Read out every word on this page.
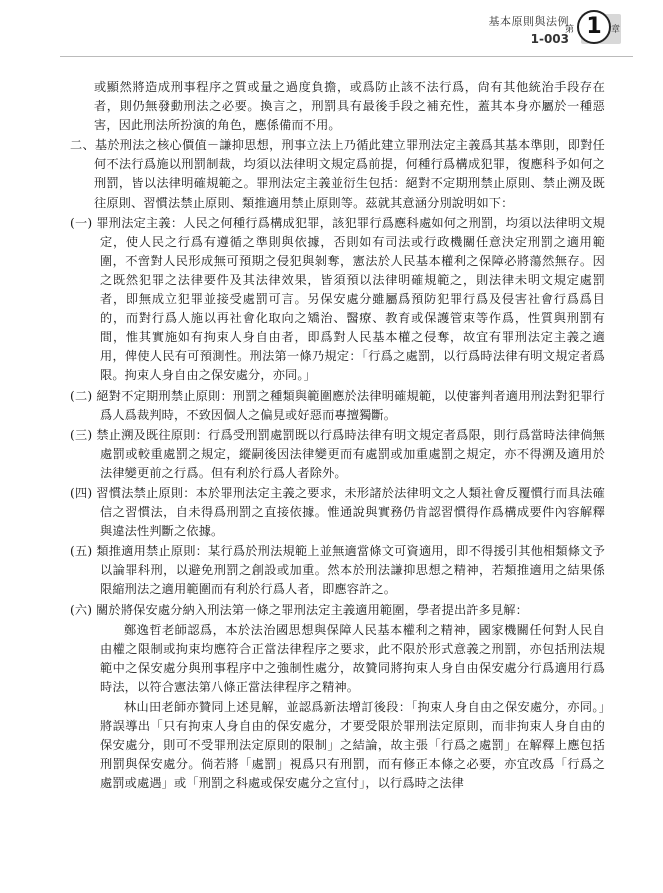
基本原則與法例
1-003
第 1	章

或顯然將造成刑事程序之質或量之過度負擔，或爲防止該不法行爲，尙有其他統治手段存在者，則仍無發動刑法之必要。換言之，刑罰具有最後手段之補充性，蓋其本身亦屬於一種惡害，因此刑法所扮演的角色，應係備而不用。

二、基於刑法之核心價值－謙抑思想，刑事立法上乃循此建立罪刑法定主義爲其基本準則，即對任何不法行爲施以刑罰制裁，均須以法律明文規定爲前提，何種行爲構成犯罪，復應科予如何之刑罰，皆以法律明確規範之。罪刑法定主義並衍生包括：絕對不定期刑禁止原則、禁止溯及既往原則、習慣法禁止原則、類推適用禁止原則等。茲就其意涵分別說明如下：

(一) 罪刑法定主義：人民之何種行爲構成犯罪，該犯罪行爲應科處如何之刑罰，均須以法律明文規定，使人民之行爲有遵循之準則與依據，否則如有司法或行政機關任意決定刑罰之適用範圍，不啻對人民形成無可預期之侵犯與剝奪，憲法於人民基本權利之保障必將蕩然無存。因之既然犯罪之法律要件及其法律效果，皆須預以法律明確規範之，則法律未明文規定處罰者，即無成立犯罪並接受處罰可言。另保安處分雖屬爲預防犯罪行爲及侵害社會行爲爲目的，而對行爲人施以再社會化取向之矯治、醫療、教育或保護管束等作爲，性質與刑罰有間，惟其實施如有拘束人身自由者，即爲對人民基本權之侵奪，故宜有罪刑法定主義之適用，俾使人民有可預測性。刑法第一條乃規定：「行爲之處罰，以行爲時法律有明文規定者爲限。拘束人身自由之保安處分，亦同。」

(二) 絕對不定期刑禁止原則：刑罰之種類與範圍應於法律明確規範，以使審判者適用刑法對犯罪行爲人爲裁判時，不致因個人之偏見或好惡而專擅獨斷。

(三) 禁止溯及既往原則：行爲受刑罰處罰既以行爲時法律有明文規定者爲限，則行爲當時法律倘無處罰或較重處罰之規定，縱嗣後因法律變更而有處罰或加重處罰之規定，亦不得溯及適用於法律變更前之行爲。但有利於行爲人者除外。

(四) 習慣法禁止原則：本於罪刑法定主義之要求，未形諸於法律明文之人類社會反覆慣行而具法確信之習慣法，自未得爲刑罰之直接依據。惟通說與實務仍肯認習慣得作爲構成要件內容解釋與違法性判斷之依據。

(五) 類推適用禁止原則：某行爲於刑法規範上並無適當條文可資適用，即不得援引其他相類條文予以論罪科刑，以避免刑罰之創設或加重。然本於刑法謙抑思想之精神，若類推適用之結果係限縮刑法之適用範圍而有利於行爲人者，即應容許之。

(六) 關於將保安處分納入刑法第一條之罪刑法定主義適用範圍，學者提出許多見解：

鄭逸哲老師認爲，本於法治國思想與保障人民基本權利之精神，國家機關任何對人民自由權之限制或拘束均應符合正當法律程序之要求，此不限於形式意義之刑罰，亦包括刑法規範中之保安處分與刑事程序中之強制性處分，故贊同將拘束人身自由保安處分行爲適用行爲時法，以符合憲法第八條正當法律程序之精神。

林山田老師亦贊同上述見解，並認爲新法增訂後段：「拘束人身自由之保安處分，亦同。」將誤導出「只有拘束人身自由的保安處分，才要受限於罪刑法定原則，而非拘束人身自由的保安處分，則可不受罪刑法定原則的限制」之結論，故主張「行爲之處罰」在解釋上應包括刑罰與保安處分。倘若將「處罰」視爲只有刑罰，而有修正本條之必要，亦宜改爲「行爲之處罰或處遇」或「刑罰之科處或保安處分之宣付」，以行爲時之法律
